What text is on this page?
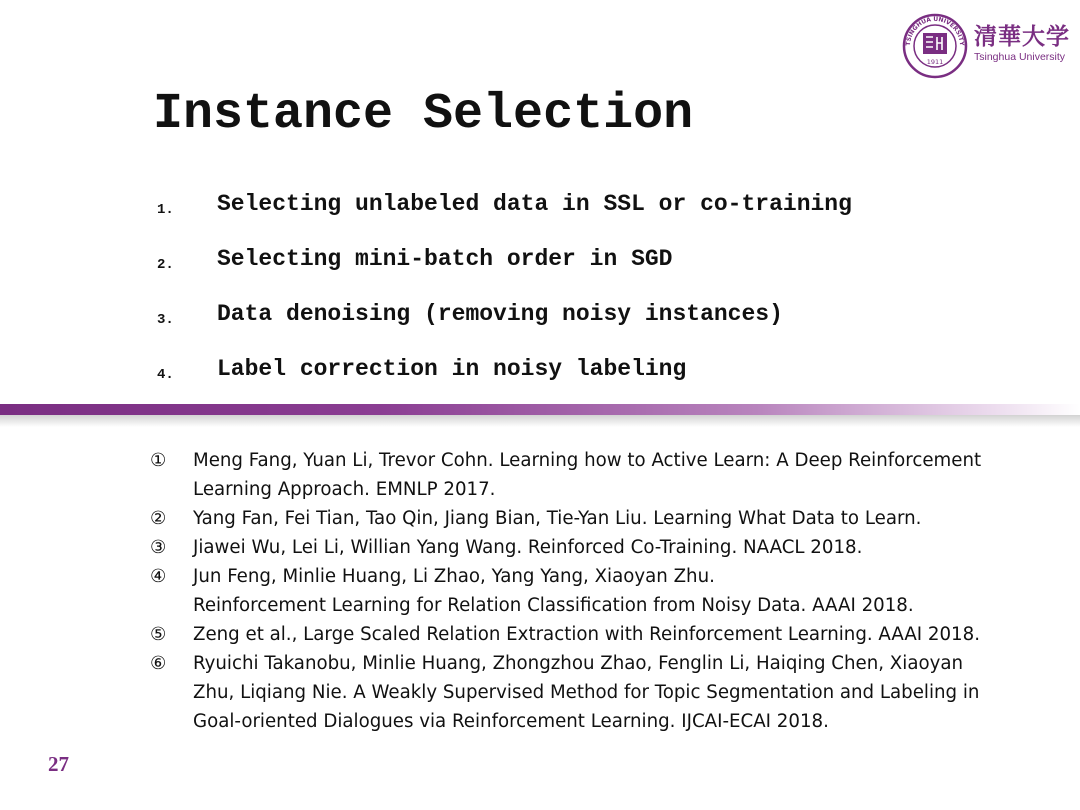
TSINGHUA UNIVERSITY
1911
清華大学
Tsinghua University
Instance Selection
1. Selecting unlabeled data in SSL or co-training
2. Selecting mini-batch order in SGD
3. Data denoising (removing noisy instances)
4. Label correction in noisy labeling
① Meng Fang, Yuan Li, Trevor Cohn. Learning how to Active Learn: A Deep Reinforcement
Learning Approach. EMNLP 2017.
② Yang Fan, Fei Tian, Tao Qin, Jiang Bian, Tie-Yan Liu. Learning What Data to Learn.
③ Jiawei Wu, Lei Li, Willian Yang Wang. Reinforced Co-Training. NAACL 2018.
④ Jun Feng, Minlie Huang, Li Zhao, Yang Yang, Xiaoyan Zhu.
Reinforcement Learning for Relation Classification from Noisy Data. AAAI 2018.
⑤ Zeng et al., Large Scaled Relation Extraction with Reinforcement Learning. AAAI 2018.
⑥ Ryuichi Takanobu, Minlie Huang, Zhongzhou Zhao, Fenglin Li, Haiqing Chen, Xiaoyan
Zhu, Liqiang Nie. A Weakly Supervised Method for Topic Segmentation and Labeling in
Goal-oriented Dialogues via Reinforcement Learning. IJCAI-ECAI 2018.
27
